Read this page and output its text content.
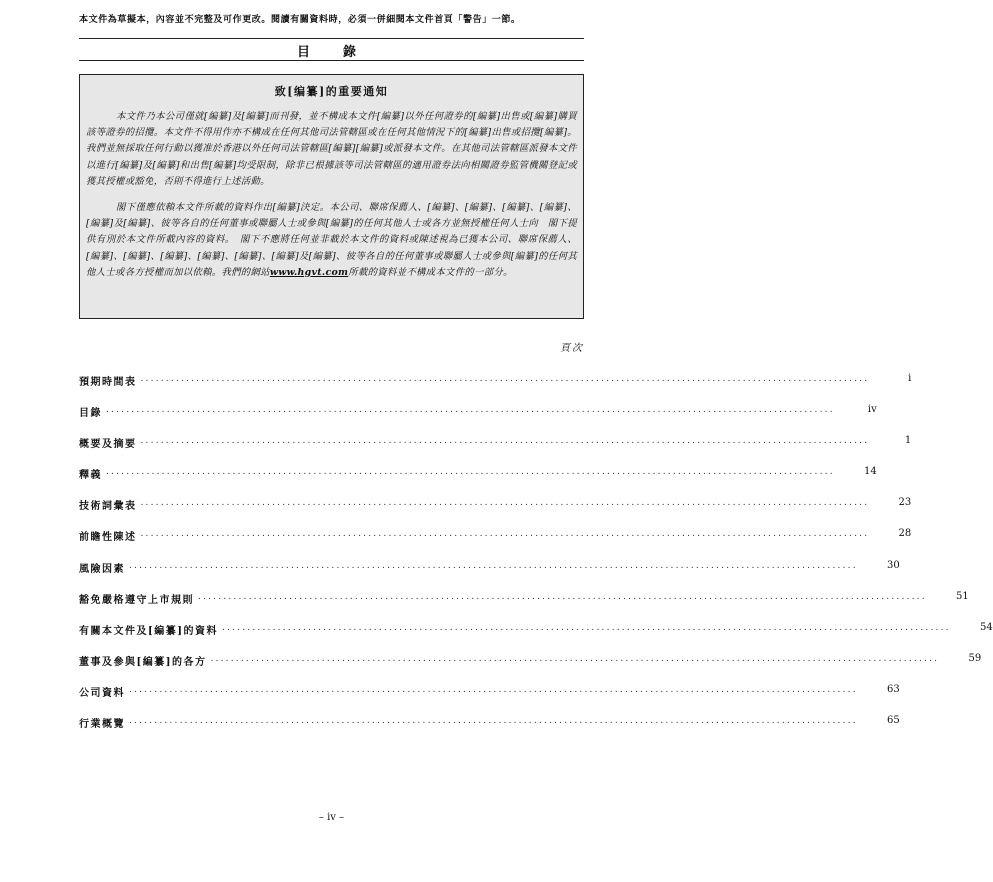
本文件為草擬本，內容並不完整及可作更改。閱讀有關資料時，必須一併細閱本文件首頁「警告」一節。
目　錄
致[编纂]的重要通知

本文件乃本公司僅就[編纂]及[編纂]而刊發，並不構成本文件[編纂]以外任何證券的[編纂]出售或[編纂]購買該等證券的招攬。本文件不得用作亦不構成在任何其他司法管轄區或在任何其他情況下的[編纂]出售或招攬[編纂]。我們並無採取任何行動以獲准於香港以外任何司法管轄區[編纂][編纂]或派發本文件。在其他司法管轄區派發本文件以進行[編纂]及[編纂]和出售[編纂]均受限制，除非已根據該等司法管轄區的適用證券法向相關證券監管機關登記或獲其授權或豁免，否則不得進行上述活動。

閣下僅應依賴本文件所載的資料作出[編纂]決定。本公司、聯席保薦人、[編纂]、[編纂]、[編纂]、[編纂]、[編纂]及[編纂]、彼等各自的任何董事或聯屬人士或參與[編纂]的任何其他人士或各方並無授權任何人士向　閣下提供有別於本文件所載內容的資料。　閣下不應將任何並非載於本文件的資料或陳述視為已獲本公司、聯席保薦人、[編纂]、[編纂]、[編纂]、[編纂]、[編纂]、[編纂]及[編纂]、彼等各自的任何董事或聯屬人士或參與[編纂]的任何其他人士或各方授權而加以依賴。我們的網站www.hgvt.com所載的資料並不構成本文件的一部分。

頁次
預期時間表 ................................................................................................................................................	i
目錄 ................................................................................................................................................	iv
概要及摘要 ................................................................................................................................................	1
釋義 ................................................................................................................................................	14
技術詞彙表 ................................................................................................................................................	23
前瞻性陳述 ................................................................................................................................................	28
風險因素 ................................................................................................................................................	30
豁免嚴格遵守上市規則 ................................................................................................................................................	51
有關本文件及[編纂]的資料 ................................................................................................................................................	54
董事及參與[編纂]的各方 ................................................................................................................................................	59
公司資料 ................................................................................................................................................	63
行業概覽 ................................................................................................................................................	65
– iv –
